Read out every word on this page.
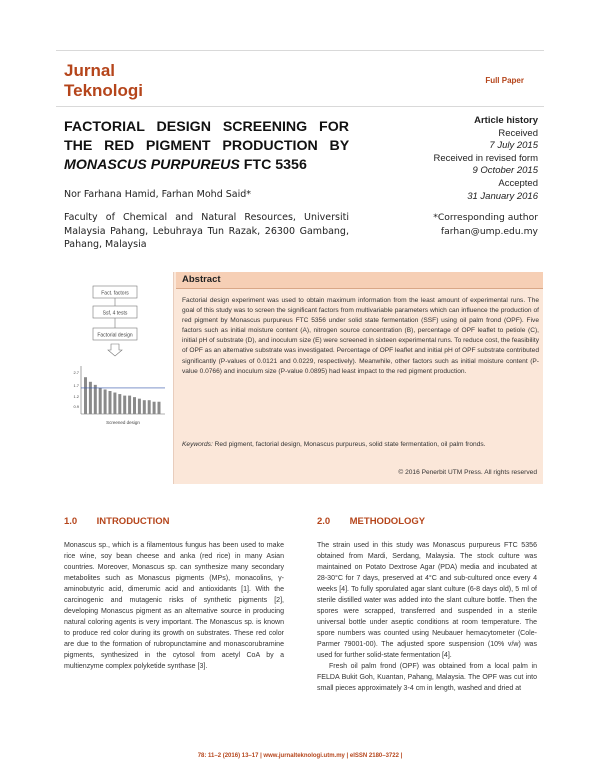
Jurnal
Teknologi
Full Paper
FACTORIAL DESIGN SCREENING FOR THE RED PIGMENT PRODUCTION BY MONASCUS PURPUREUS FTC 5356
Article history
Received
7 July 2015
Received in revised form
9 October 2015
Accepted
31 January 2016
Nor Farhana Hamid, Farhan Mohd Said*
Faculty of Chemical and Natural Resources, Universiti Malaysia Pahang, Lebuhraya Tun Razak, 26300 Gambang, Pahang, Malaysia
*Corresponding author
farhan@ump.edu.my
Fact. factors
Ssf, 4 tests
Factorial design
2.7
1.7
1.2
0.9
Screened design
Abstract
Factorial design experiment was used to obtain maximum information from the least amount of experimental runs. The goal of this study was to screen the significant factors from multivariable parameters which can influence the production of red pigment by Monascus purpureus FTC 5356 under solid state fermentation (SSF) using oil palm frond (OPF). Five factors such as initial moisture content (A), nitrogen source concentration (B), percentage of OPF leaflet to petiole (C), initial pH of substrate (D), and inoculum size (E) were screened in sixteen experimental runs. To reduce cost, the feasibility of OPF as an alternative substrate was investigated. Percentage of OPF leaflet and initial pH of OPF substrate contributed significantly (P-values of 0.0121 and 0.0229, respectively). Meanwhile, other factors such as initial moisture content (P- value 0.0766) and inoculum size (P-value 0.0895) had least impact to the red pigment production.
Keywords: Red pigment, factorial design, Monascus purpureus, solid state fermentation, oil palm fronds.
© 2016 Penerbit UTM Press. All rights reserved
1.0 INTRODUCTION	2.0 METHODOLOGY

Monascus sp., which is a filamentous fungus has been used to make rice wine, soy bean cheese and anka (red rice) in many Asian countries. Moreover, Monascus sp. can synthesize many secondary metabolites such as Monascus pigments (MPs), monacolins, γ-aminobutyric acid, dimerumic acid and antioxidants [1]. With the carcinogenic and mutagenic risks of synthetic pigments [2], developing Monascus pigment as an alternative source in producing natural coloring agents is very important. The Monascus sp. is known to produce red color during its growth on substrates. These red color are due to the formation of rubropunctamine and monascorubramine pigments, synthesized in the cytosol from acetyl CoA by a multienzyme complex polyketide synthase [3].

The strain used in this study was Monascus purpureus FTC 5356 obtained from Mardi, Serdang, Malaysia. The stock culture was maintained on Potato Dextrose Agar (PDA) media and incubated at 28-30°C for 7 days, preserved at 4°C and sub-cultured once every 4 weeks [4]. To fully sporulated agar slant culture (6-8 days old), 5 ml of sterile distilled water was added into the slant culture bottle. Then the spores were scrapped, transferred and suspended in a sterile universal bottle under aseptic conditions at room temperature. The spore numbers was counted using Neubauer hemacytometer (Cole-Parmer 79001-00). The adjusted spore suspension (10% v/w) was used for further solid-state fermentation [4].

Fresh oil palm frond (OPF) was obtained from a local palm in FELDA Bukit Goh, Kuantan, Pahang, Malaysia. The OPF was cut into small pieces approximately 3-4 cm in length, washed and dried at

78: 11–2 (2016) 13–17 | www.jurnalteknologi.utm.my | eISSN 2180–3722 |
